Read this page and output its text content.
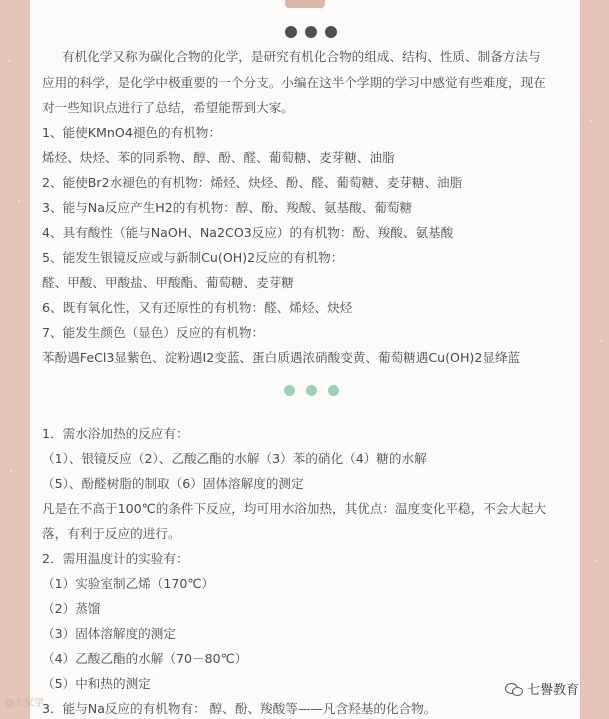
有机化学又称为碳化合物的化学，是研究有机化合物的组成、结构、性质、制备方法与
应用的科学，是化学中极重要的一个分支。小编在这半个学期的学习中感觉有些难度，现在
对一些知识点进行了总结，希望能帮到大家。
1、能使KMnO4褪色的有机物：
烯烃、炔烃、苯的同系物、醇、酚、醛、葡萄糖、麦芽糖、油脂
2、能使Br2水褪色的有机物：烯烃、炔烃、酚、醛、葡萄糖、麦芽糖、油脂
3、能与Na反应产生H2的有机物：醇、酚、羧酸、氨基酸、葡萄糖
4、具有酸性（能与NaOH、Na2CO3反应）的有机物：酚、羧酸、氨基酸
5、能发生银镜反应或与新制Cu(OH)2反应的有机物：
醛、甲酸、甲酸盐、甲酸酯、葡萄糖、麦芽糖
6、既有氧化性，又有还原性的有机物：醛、烯烃、炔烃
7、能发生颜色（显色）反应的有机物：
苯酚遇FeCl3显紫色、淀粉遇I2变蓝、蛋白质遇浓硝酸变黄、葡萄糖遇Cu(OH)2显绛蓝
1．需水浴加热的反应有：
（1）、银镜反应（2）、乙酸乙酯的水解（3）苯的硝化（4）糖的水解
（5）、酚醛树脂的制取（6）固体溶解度的测定
凡是在不高于100℃的条件下反应，均可用水浴加热，其优点：温度变化平稳，不会大起大
落，有利于反应的进行。
2．需用温度计的实验有：
（1）实验室制乙烯（170℃）
（2）蒸馏
（3）固体溶解度的测定
（4）乙酸乙酯的水解（70－80℃）
（5）中和热的测定
3．能与Na反应的有机物有： 醇、酚、羧酸等——凡含羟基的化合物。
@大家学
七譽教育
